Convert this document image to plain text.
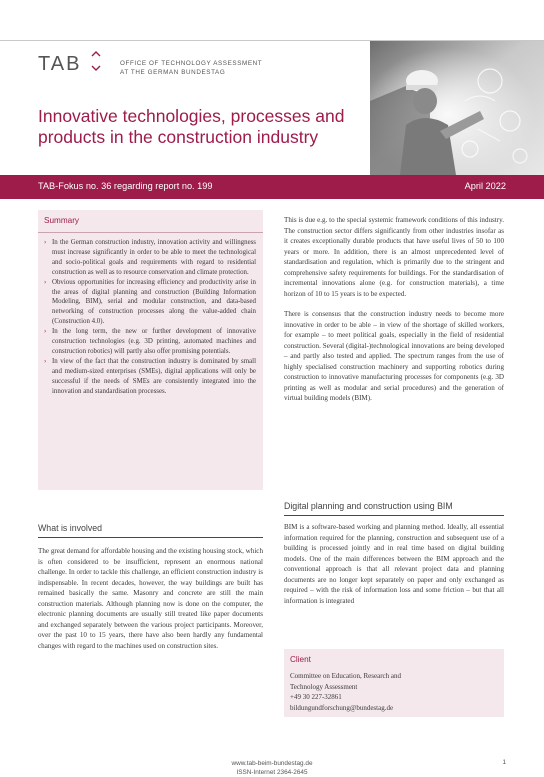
TAB	OFFICE OF TECHNOLOGY ASSESSMENT
AT THE GERMAN BUNDESTAG
Innovative technologies, processes and
products in the construction industry
TAB-Fokus no. 36 regarding report no. 199	April 2022
Summary
› In the German construction industry, innovation activity and willingness must increase significantly in order to be able to meet the technological and socio-political goals and requirements with regard to residential construction as well as to resource conservation and climate protection.
› Obvious opportunities for increasing efficiency and productivity arise in the areas of digital planning and construction (Building Information Modeling, BIM), serial and modular construction, and data-based networking of construction processes along the value-added chain (Construction 4.0).
› In the long term, the new or further development of innovative construction technologies (e.g. 3D printing, automated machines and construction robotics) will partly also offer promising potentials.
› In view of the fact that the construction industry is dominated by small and medium-sized enterprises (SMEs), digital applications will only be successful if the needs of SMEs are consistently integrated into the innovation and standardisation processes.
What is involved

The great demand for affordable housing and the existing housing stock, which is often considered to be insufficient, represent an enormous national challenge. In order to tackle this challenge, an efficient construction industry is indispensable. In recent decades, however, the way buildings are built has remained basically the same. Masonry and concrete are still the main construction materials. Although planning now is done on the computer, the electronic planning documents are usually still treated like paper documents and exchanged separately between the various project participants. Moreover, over the past 10 to 15 years, there have also been hardly any fundamental changes with regard to the machines used on construction sites.

This is due e.g. to the special systemic framework conditions of this industry. The construction sector differs significantly from other industries insofar as it creates exceptionally durable products that have useful lives of 50 to 100 years or more. In addition, there is an almost unprecedented level of standardisation and regulation, which is primarily due to the stringent and comprehensive safety requirements for buildings. For the standardisation of incremental innovations alone (e.g. for construction materials), a time horizon of 10 to 15 years is to be expected.

There is consensus that the construction industry needs to become more innovative in order to be able – in view of the shortage of skilled workers, for example – to meet political goals, especially in the field of residential construction. Several (digital-)technological innovations are being developed – and partly also tested and applied. The spectrum ranges from the use of highly specialised construction machinery and supporting robotics during construction to innovative manufacturing processes for components (e.g. 3D printing as well as modular and serial procedures) and the generation of virtual building models (BIM).

Digital planning and construction using BIM

BIM is a software-based working and planning method. Ideally, all essential information required for the planning, construction and subsequent use of a building is processed jointly and in real time based on digital building models. One of the main differences between the BIM approach and the conventional approach is that all relevant project data and planning documents are no longer kept separately on paper and only exchanged as required – with the risk of information loss and some friction – but that all information is integrated

Client
Committee on Education, Research and
Technology Assessment
+49 30 227-32861
bildungundforschung@bundestag.de
www.tab-beim-bundestag.de
ISSN-Internet 2364-2645
1
